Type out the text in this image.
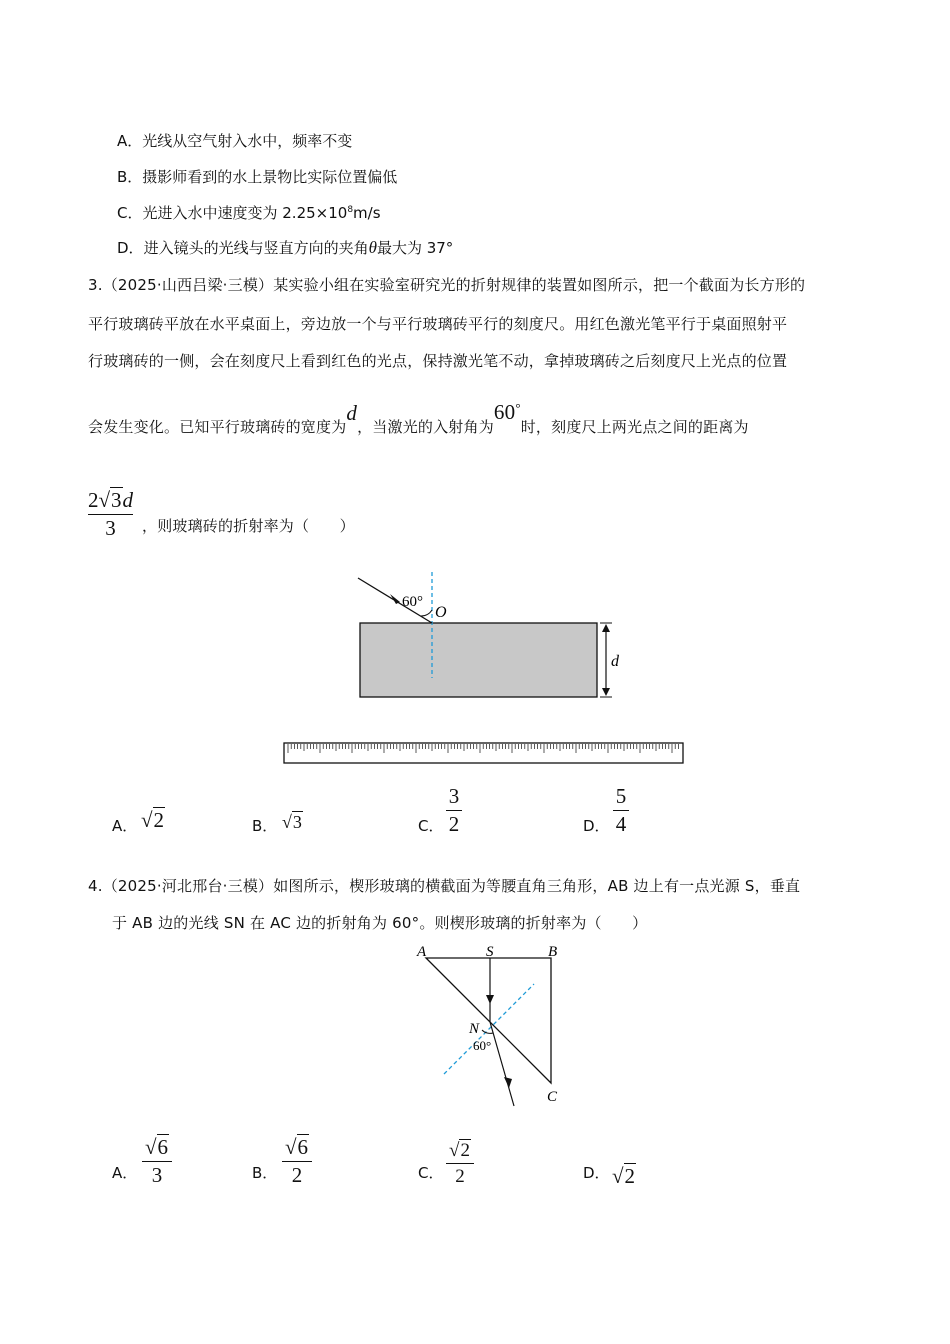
A．光线从空气射入水中，频率不变
B．摄影师看到的水上景物比实际位置偏低
C．光进入水中速度变为 $2.25\times 10^8m/s$
D．进入镜头的光线与竖直方向的夹角θ最大为 37°
3.（2025·山西吕梁·三模）某实验小组在实验室研究光的折射规律的装置如图所示，把一个截面为长方形的
平行玻璃砖平放在水平桌面上，旁边放一个与平行玻璃砖平行的刻度尺。用红色激光笔平行于桌面照射平
行玻璃砖的一侧，会在刻度尺上看到红色的光点，保持激光笔不动，拿掉玻璃砖之后刻度尺上光点的位置
会发生变化。已知平行玻璃砖的宽度为d，当激光的入射角为60°时，刻度尺上两光点之间的距离为
2√3d
3	，则玻璃砖的折射率为（　　）
60°
O
d
A． √2	B． √3	C．
3
2	D．
5
4
4.（2025·河北邢台·三模）如图所示，楔形玻璃的横截面为等腰直角三角形，AB 边上有一点光源 S，垂直
于 AB 边的光线 SN 在 AC 边的折射角为 60°。则楔形玻璃的折射率为（　　）
A	S	B
N
C
60°
A．
√6
3	B．
√6
2	C．
√2
2	D． √2
